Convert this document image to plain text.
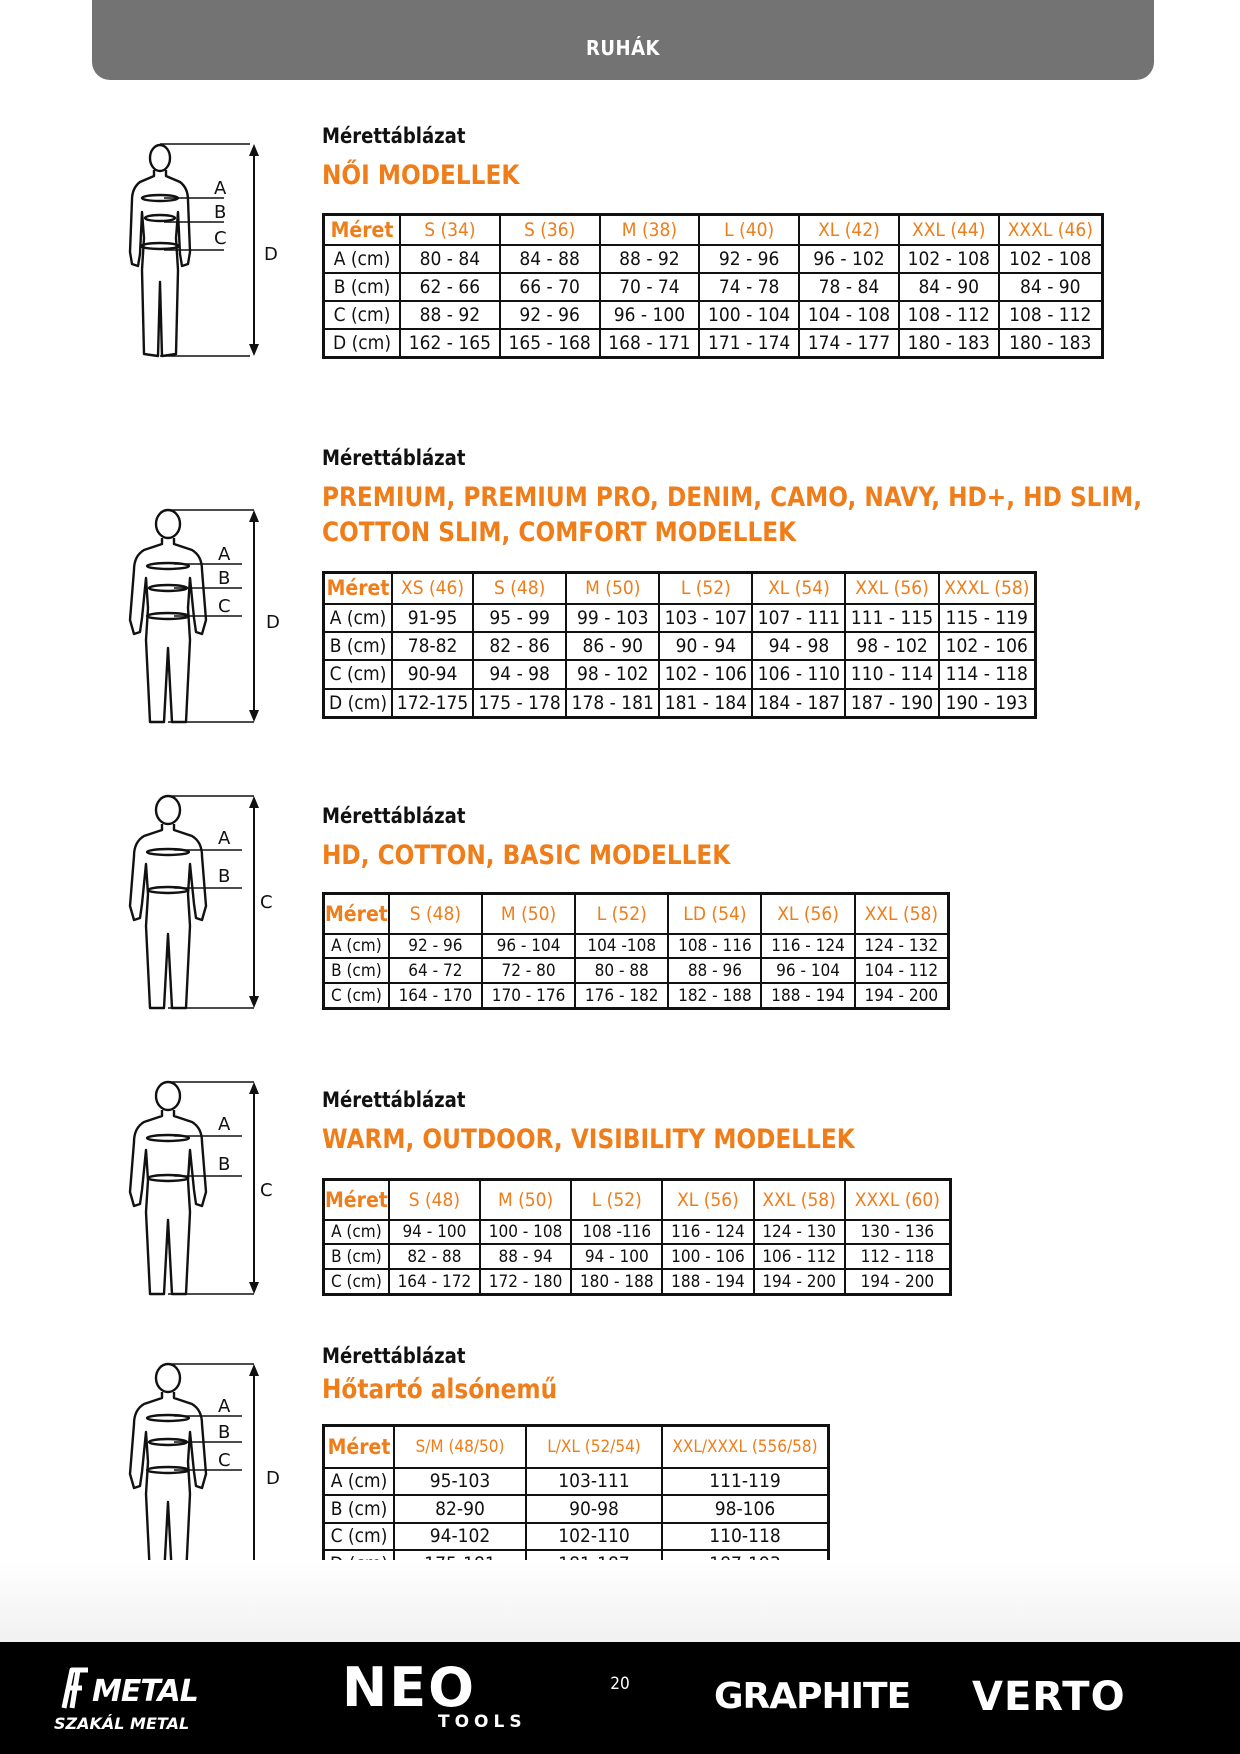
RUHÁK
A
B
C
D
Mérettáblázat
NŐI MODELLEK
Méret	S (34)	S (36)	M (38)	L (40)	XL (42)	XXL (44)	XXXL (46)
A (cm)	80 - 84	84 - 88	88 - 92	92 - 96	96 - 102	102 - 108	102 - 108
B (cm)	62 - 66	66 - 70	70 - 74	74 - 78	78 - 84	84 - 90	84 - 90
C (cm)	88 - 92	92 - 96	96 - 100	100 - 104	104 - 108	108 - 112	108 - 112
D (cm)	162 - 165	165 - 168	168 - 171	171 - 174	174 - 177	180 - 183	180 - 183
A
B
C
D
Mérettáblázat
PREMIUM, PREMIUM PRO, DENIM, CAMO, NAVY, HD+, HD SLIM,
COTTON SLIM, COMFORT MODELLEK
Méret	XS (46)	S (48)	M (50)	L (52)	XL (54)	XXL (56)	XXXL (58)
A (cm)	91-95	95 - 99	99 - 103	103 - 107	107 - 111	111 - 115	115 - 119
B (cm)	78-82	82 - 86	86 - 90	90 - 94	94 - 98	98 - 102	102 - 106
C (cm)	90-94	94 - 98	98 - 102	102 - 106	106 - 110	110 - 114	114 - 118
D (cm)	172-175	175 - 178	178 - 181	181 - 184	184 - 187	187 - 190	190 - 193
A
B
C
Mérettáblázat
HD, COTTON, BASIC MODELLEK
Méret	S (48)	M (50)	L (52)	LD (54)	XL (56)	XXL (58)
A (cm)	92 - 96	96 - 104	104 -108	108 - 116	116 - 124	124 - 132
B (cm)	64 - 72	72 - 80	80 - 88	88 - 96	96 - 104	104 - 112
C (cm)	164 - 170	170 - 176	176 - 182	182 - 188	188 - 194	194 - 200
A
B
C
Mérettáblázat
WARM, OUTDOOR, VISIBILITY MODELLEK
Méret	S (48)	M (50)	L (52)	XL (56)	XXL (58)	XXXL (60)
A (cm)	94 - 100	100 - 108	108 -116	116 - 124	124 - 130	130 - 136
B (cm)	82 - 88	88 - 94	94 - 100	100 - 106	106 - 112	112 - 118
C (cm)	164 - 172	172 - 180	180 - 188	188 - 194	194 - 200	194 - 200
A
B
C
D
Mérettáblázat
Hőtartó alsónemű
Méret	S/M (48/50)	L/XL (52/54)	XXL/XXXL (556/58)
A (cm)	95-103	103-111	111-119
B (cm)	82-90	90-98	98-106
C (cm)	94-102	102-110	110-118

20
METAL
SZAKÁL METAL
NEO
TOOLS
GRAPHITE VERTO
